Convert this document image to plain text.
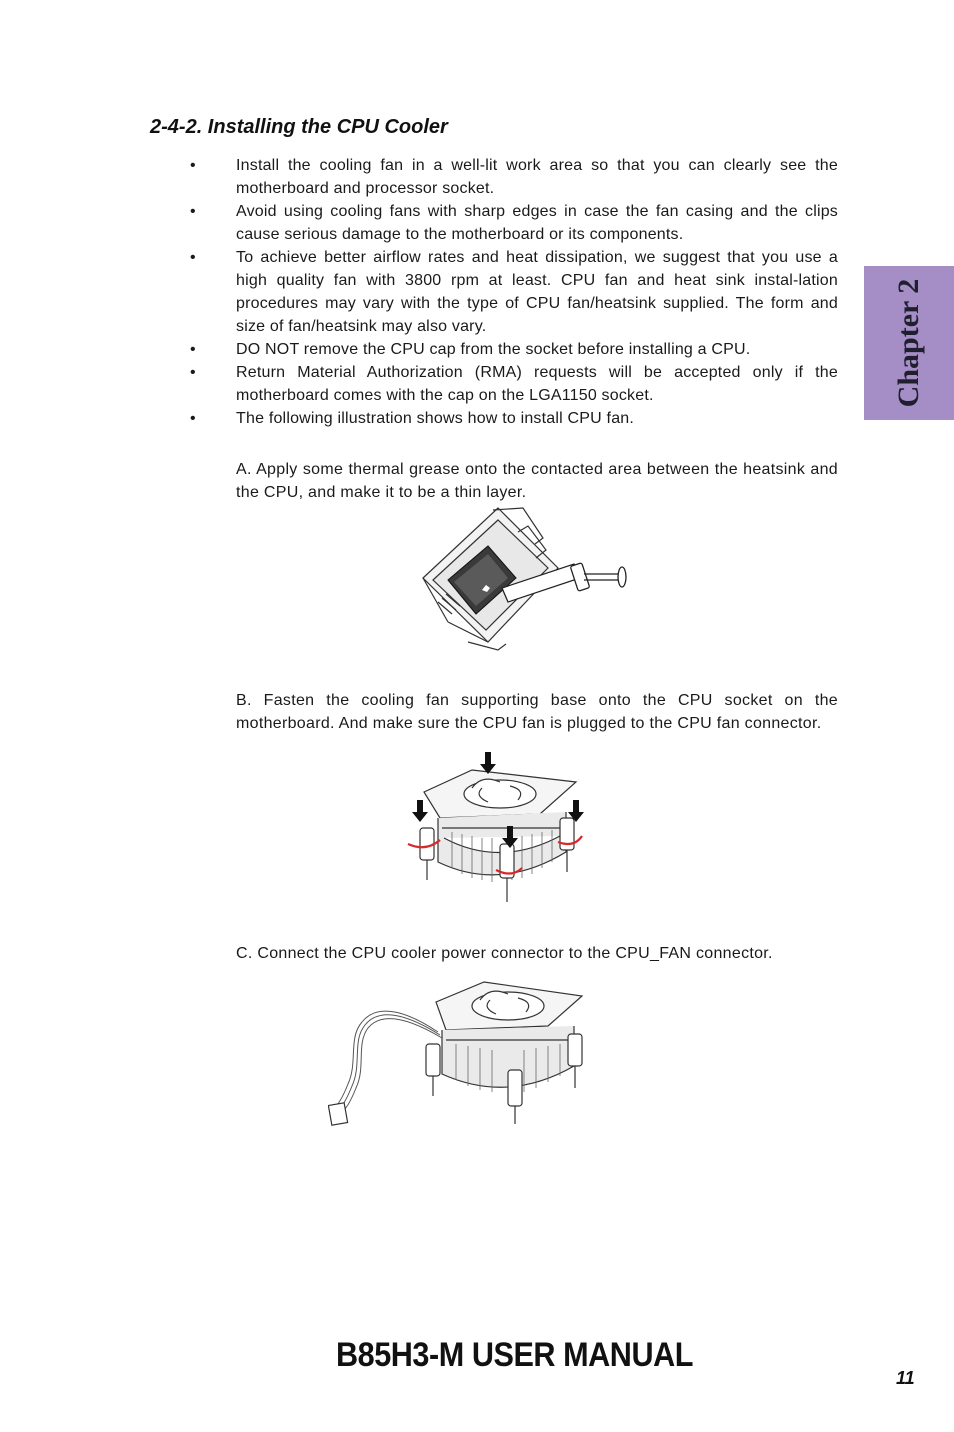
2-4-2. Installing the CPU Cooler
•	Install the cooling fan in a well-lit work area so that you can clearly see the motherboard and processor socket.
•	Avoid using cooling fans with sharp edges in case the fan casing and the clips cause serious damage to the motherboard or its components.
•	To achieve better airflow rates and heat dissipation, we suggest that you use a high quality fan with 3800 rpm at least. CPU fan and heat sink instal-lation procedures may vary with the type of CPU fan/heatsink supplied. The form and size of fan/heatsink may also vary.
•	DO NOT remove the CPU cap from the socket before installing a CPU.
•	Return Material Authorization (RMA) requests will be accepted only if the motherboard comes with the cap on the LGA1150 socket.
•	The following illustration shows how to install CPU fan.

A. Apply some thermal grease onto the contacted area between the heatsink and the CPU, and make it to be a thin layer.

B. Fasten the cooling fan supporting base onto the CPU socket on the motherboard. And make sure the CPU fan is plugged to the CPU fan connector.

C. Connect the CPU cooler power connector to the CPU_FAN connector.

Chapter 2
B85H3-M USER MANUAL
11
